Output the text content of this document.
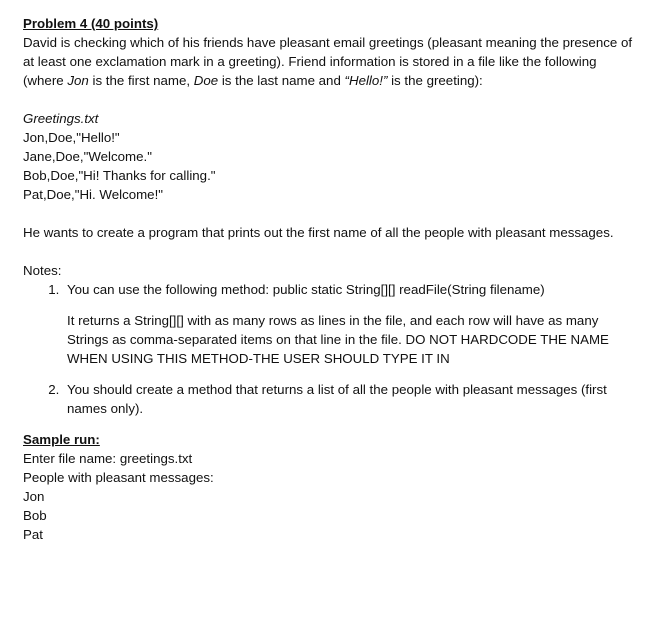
Problem 4 (40 points)

David is checking which of his friends have pleasant email greetings (pleasant meaning the presence of at least one exclamation mark in a greeting). Friend information is stored in a file like the following (where Jon is the first name, Doe is the last name and “Hello!” is the greeting):

Greetings.txt
Jon,Doe,"Hello!"
Jane,Doe,"Welcome."
Bob,Doe,"Hi! Thanks for calling."
Pat,Doe,"Hi. Welcome!"

He wants to create a program that prints out the first name of all the people with pleasant messages.

Notes:
1. You can use the following method: public static String[][] readFile(String filename)
It returns a String[][] with as many rows as lines in the file, and each row will have as many Strings as comma-separated items on that line in the file. DO NOT HARDCODE THE NAME WHEN USING THIS METHOD-THE USER SHOULD TYPE IT IN
2. You should create a method that returns a list of all the people with pleasant messages (first names only).
Sample run:
Enter file name: greetings.txt
People with pleasant messages:
Jon
Bob
Pat
